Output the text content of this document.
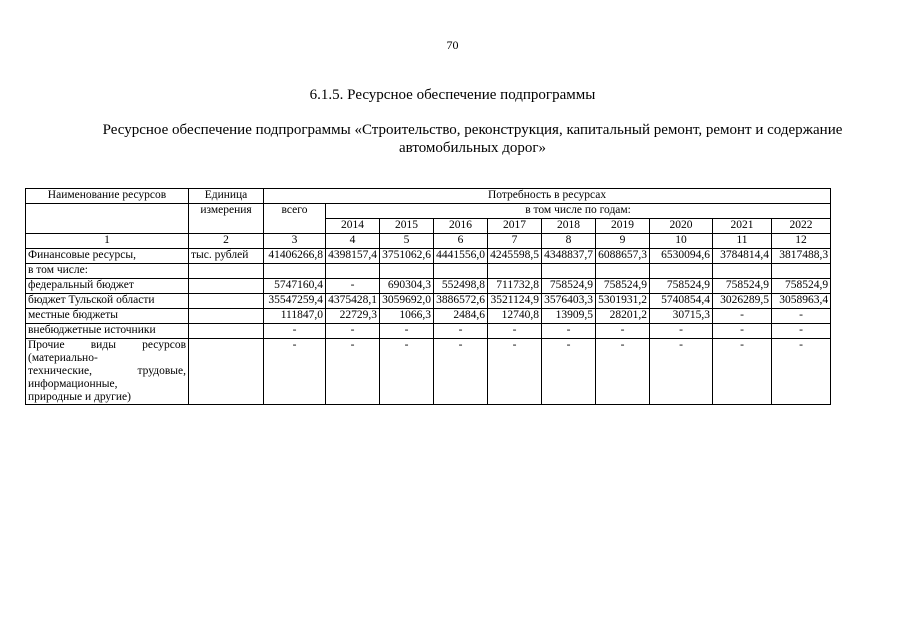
70
6.1.5. Ресурсное обеспечение подпрограммы
Ресурсное обеспечение подпрограммы «Строительство, реконструкция, капитальный ремонт, ремонт и содержание автомобильных дорог»
Наименование ресурсов	Единица	Потребность в ресурсах									
	измерения	всего	в том числе по годам:								
			2014	2015	2016	2017	2018	2019	2020	2021	2022
1	2	3	4	5	6	7	8	9	10	11	12
Финансовые ресурсы,	тыс. рублей	41406266,8	4398157,4	3751062,6	4441556,0	4245598,5	4348837,7	6088657,3	6530094,6	3784814,4	3817488,3
в том числе:											
федеральный бюджет		5747160,4	-	690304,3	552498,8	711732,8	758524,9	758524,9	758524,9	758524,9	758524,9
бюджет Тульской области		35547259,4	4375428,1	3059692,0	3886572,6	3521124,9	3576403,3	5301931,2	5740854,4	3026289,5	3058963,4
местные бюджеты		111847,0	22729,3	1066,3	2484,6	12740,8	13909,5	28201,2	30715,3	-	-
внебюджетные источники		-	-	-	-	-	-	-	-	-	-

Прочие виды ресурсов
(материально-
технические, трудовые,
информационные,
природные и другие)		-	-	-	-	-	-	-	-	-	-
